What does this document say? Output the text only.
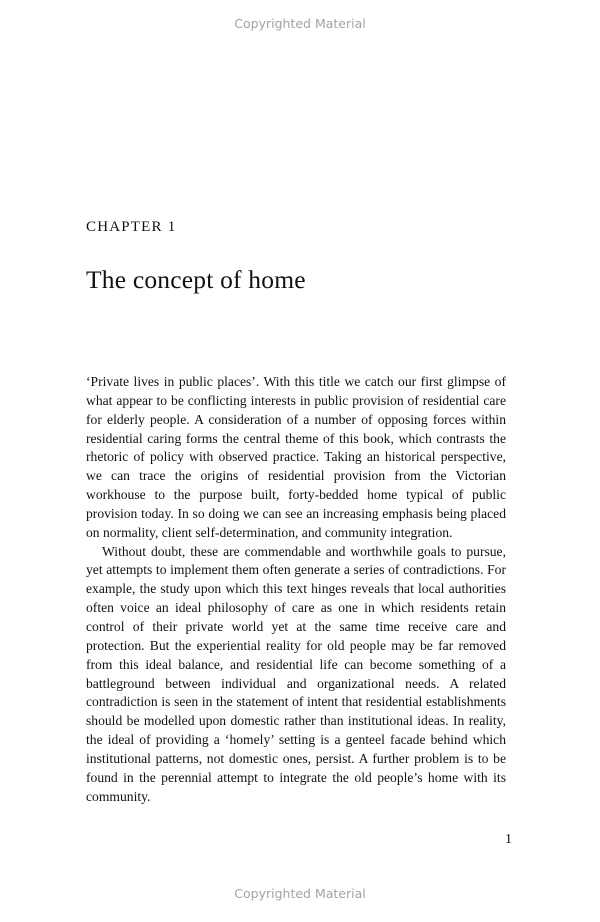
Copyrighted Material
CHAPTER 1
The concept of home

‘Private lives in public places’. With this title we catch our first glimpse of what appear to be conflicting interests in public provision of residential care for elderly people. A consideration of a number of opposing forces within residential caring forms the central theme of this book, which contrasts the rhetoric of policy with observed practice. Taking an historical perspective, we can trace the origins of residential provision from the Victorian workhouse to the purpose built, forty-bedded home typical of public provision today. In so doing we can see an increasing emphasis being placed on normality, client self-determination, and community integration.

Without doubt, these are commendable and worthwhile goals to pursue, yet attempts to implement them often generate a series of contradictions. For example, the study upon which this text hinges reveals that local authorities often voice an ideal philosophy of care as one in which residents retain control of their private world yet at the same time receive care and protection. But the experiential reality for old people may be far removed from this ideal balance, and residential life can become something of a battleground between individual and organizational needs. A related contradiction is seen in the statement of intent that residential establishments should be modelled upon domestic rather than institutional ideas. In reality, the ideal of providing a ‘homely’ setting is a genteel facade behind which institutional patterns, not domestic ones, persist. A further problem is to be found in the perennial attempt to integrate the old people’s home with its community.

1
Copyrighted Material
